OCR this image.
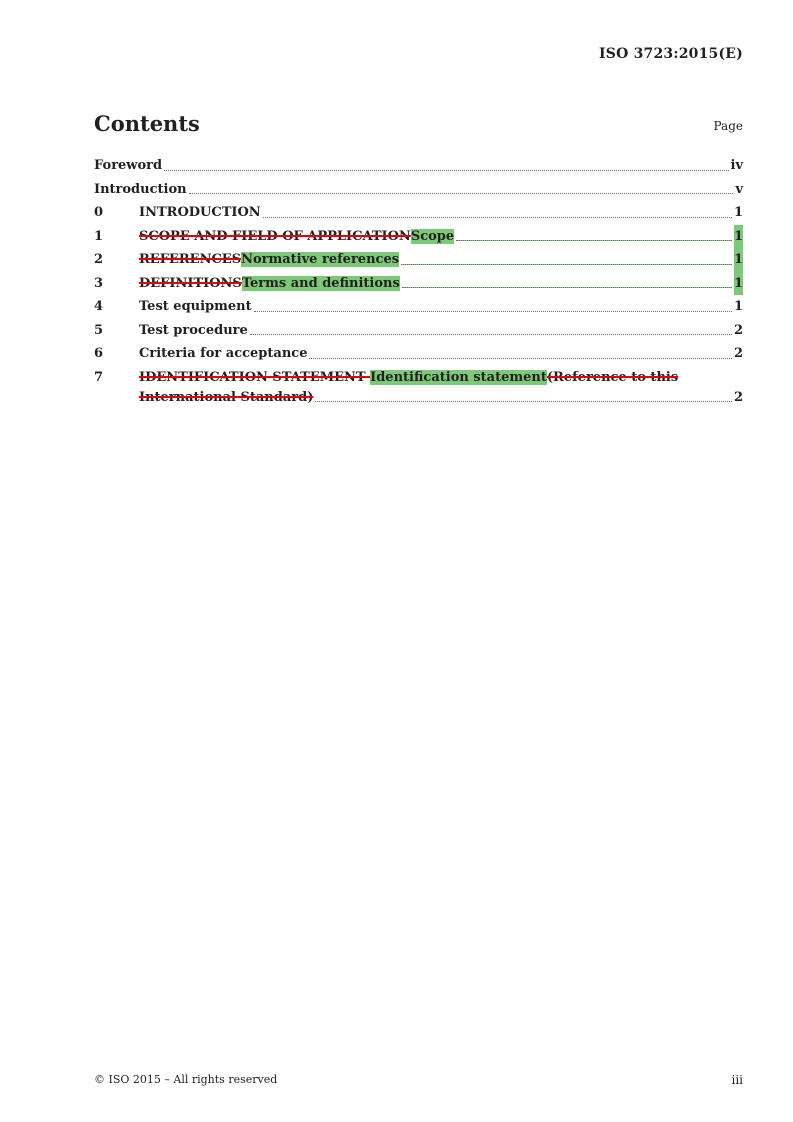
ISO 3723:2015(E)
Contents	Page
Foreword	iv
Introduction	v
0	INTRODUCTION	1
1	SCOPE AND FIELD OF APPLICATIONScope	1
2	REFERENCESNormative references	1
3	DEFINITIONSTerms and definitions	1
4	Test equipment	1
5	Test procedure	2
6	Criteria for acceptance	2
7	IDENTIFICATION STATEMENT Identification statement(Reference to this
International Standard)	2
© ISO 2015 – All rights reserved	iii
